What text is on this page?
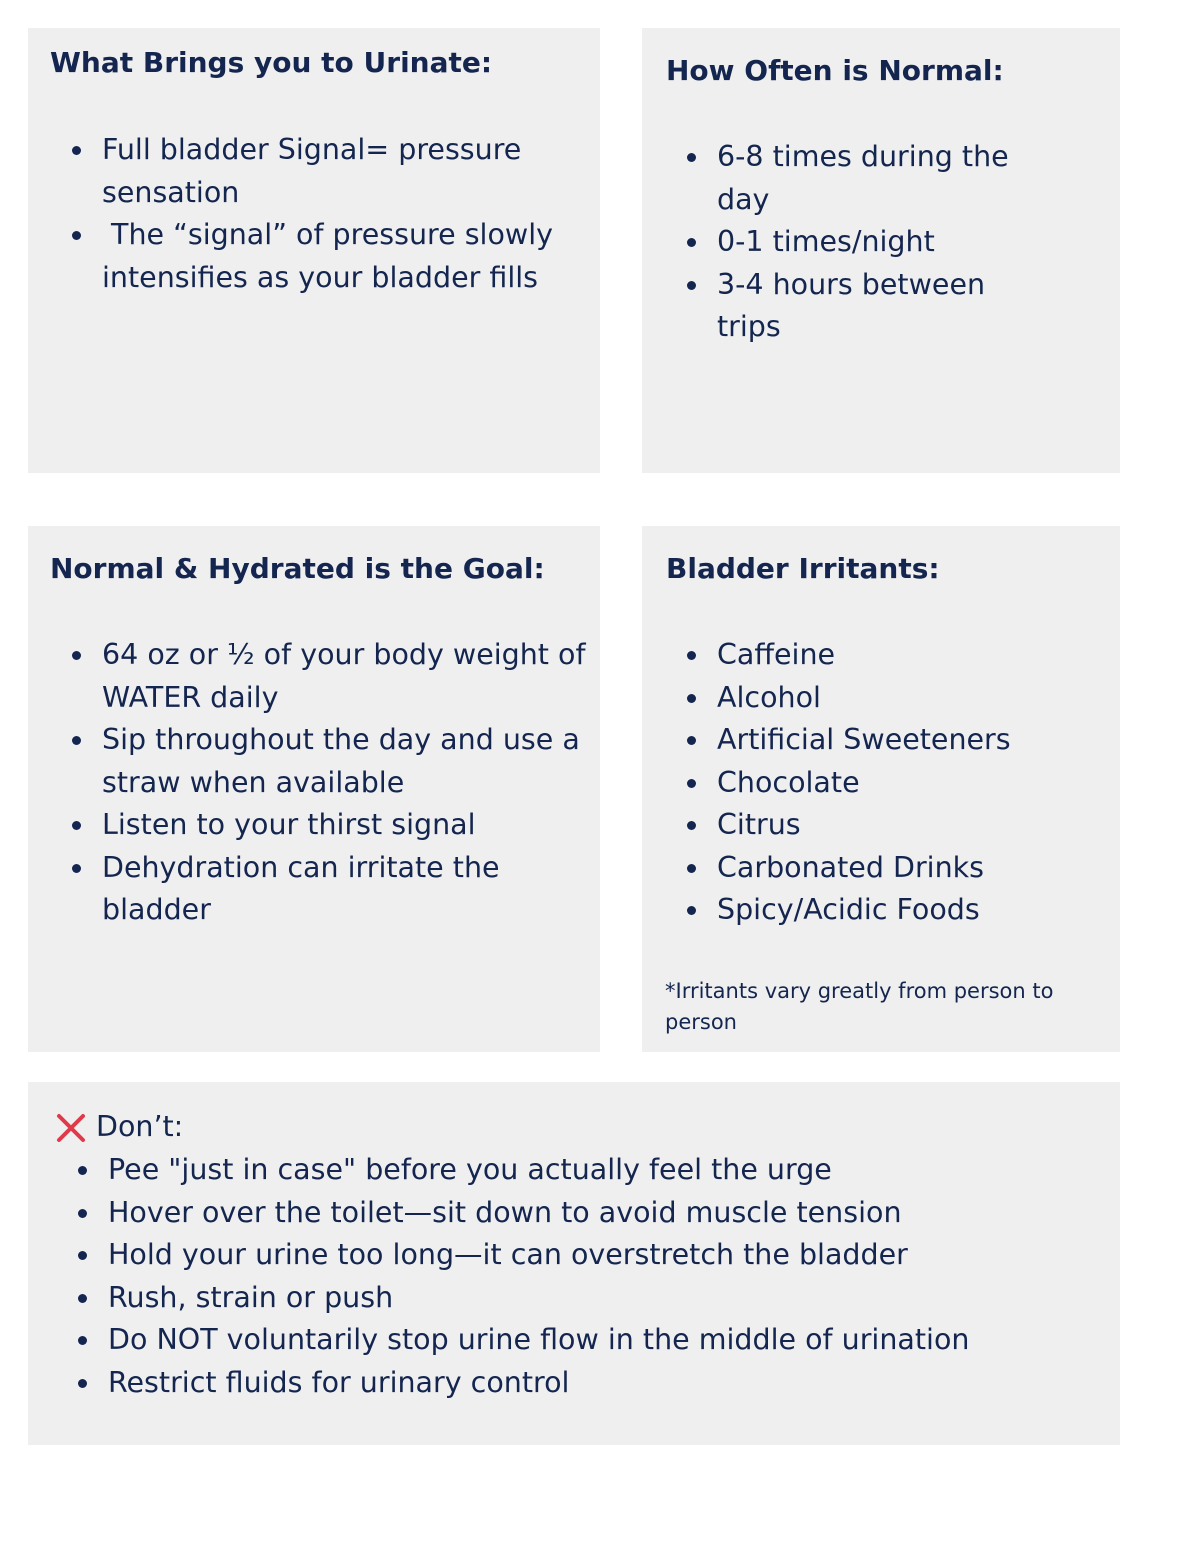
What Brings you to Urinate:
Full bladder Signal= pressure sensation
The “signal” of pressure slowly intensifies as your bladder fills
How Often is Normal:
6-8 times during the day
0-1 times/night
3-4 hours between trips
Normal & Hydrated is the Goal:
64 oz or ½ of your body weight of WATER daily
Sip throughout the day and use a straw when available
Listen to your thirst signal
Dehydration can irritate the bladder
Bladder Irritants:
Caffeine
Alcohol
Artificial Sweeteners
Chocolate
Citrus
Carbonated Drinks
Spicy/Acidic Foods
*Irritants vary greatly from person to person
Don’t:
Pee "just in case" before you actually feel the urge
Hover over the toilet—sit down to avoid muscle tension
Hold your urine too long—it can overstretch the bladder
Rush, strain or push
Do NOT voluntarily stop urine flow in the middle of urination
Restrict fluids for urinary control
